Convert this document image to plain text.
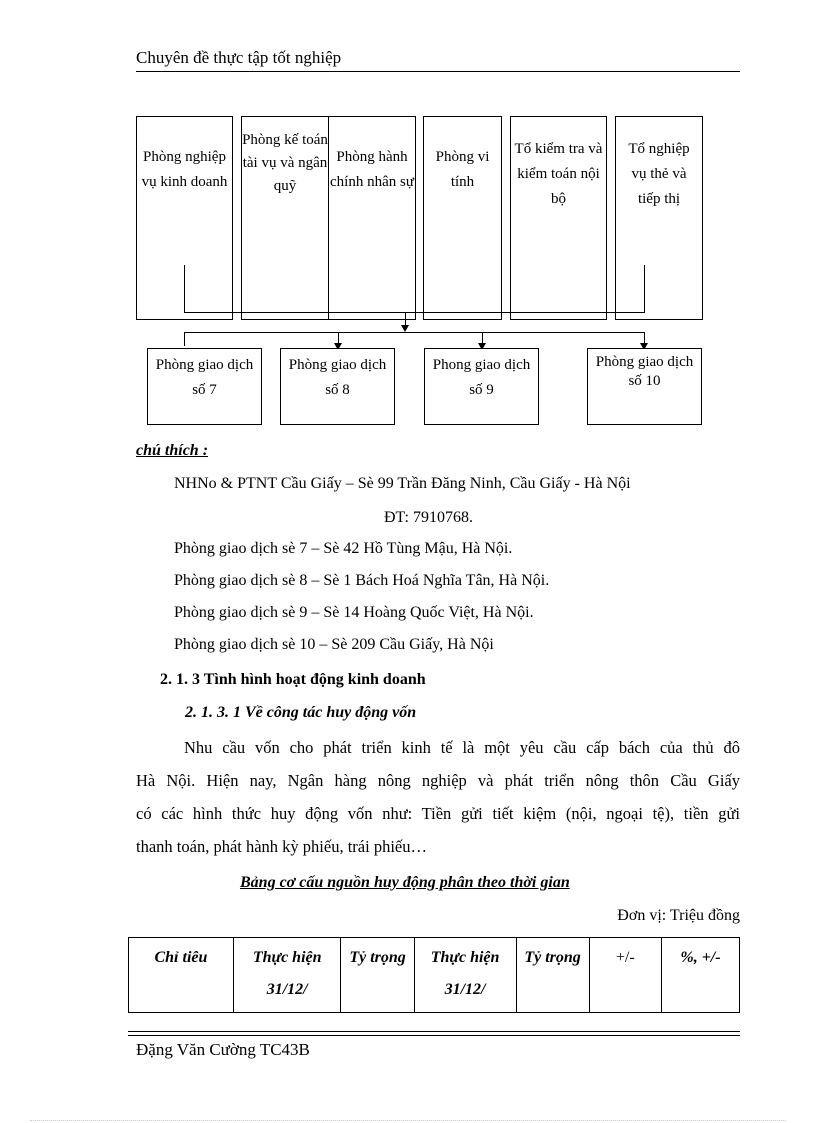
Chuyên đề thực tập tốt nghiệp
Phòng nghiệp vụ kinh doanh
Phòng kế toán tài vụ và ngân quỹ
Phòng hành chính nhân sự
Phòng vi tính
Tổ kiểm tra và kiểm toán nội bộ
Tổ nghiệp vụ thẻ và tiếp thị
Phòng giao dịch số 7
Phòng giao dịch số 8
Phong giao dịch số 9
Phòng giao dịch số 10
chú thích :
NHNo & PTNT Cầu Giấy – Sè 99 Trần Đăng Ninh, Cầu Giấy - Hà Nội
ĐT: 7910768.
Phòng giao dịch sè 7 – Sè 42 Hồ Tùng Mậu, Hà Nội.
Phòng giao dịch sè 8 – Sè 1 Bách Hoá Nghĩa Tân, Hà Nội.
Phòng giao dịch sè 9 – Sè 14 Hoàng Quốc Việt, Hà Nội.
Phòng giao dịch sè 10 – Sè 209 Cầu Giấy, Hà Nội
2. 1. 3 Tình hình hoạt động kinh doanh
2. 1. 3. 1 Về công tác huy động vốn
Nhu cầu vốn cho phát triển kinh tế là một yêu cầu cấp bách của thủ đô
Hà Nội. Hiện nay, Ngân hàng nông nghiệp và phát triển nông thôn Cầu Giấy
có các hình thức huy động vốn như: Tiền gửi tiết kiệm (nội, ngoại tệ), tiền gửi
thanh toán, phát hành kỳ phiếu, trái phiếu…
Bảng cơ cấu nguồn huy động phân theo thời gian
Đơn vị: Triệu đồng
Chỉ tiêu	Thực hiện 31/12/	Tỷ trọng	Thực hiện 31/12/	Tỷ trọng	+/-	%, +/-
Đặng Văn Cường TC43B
